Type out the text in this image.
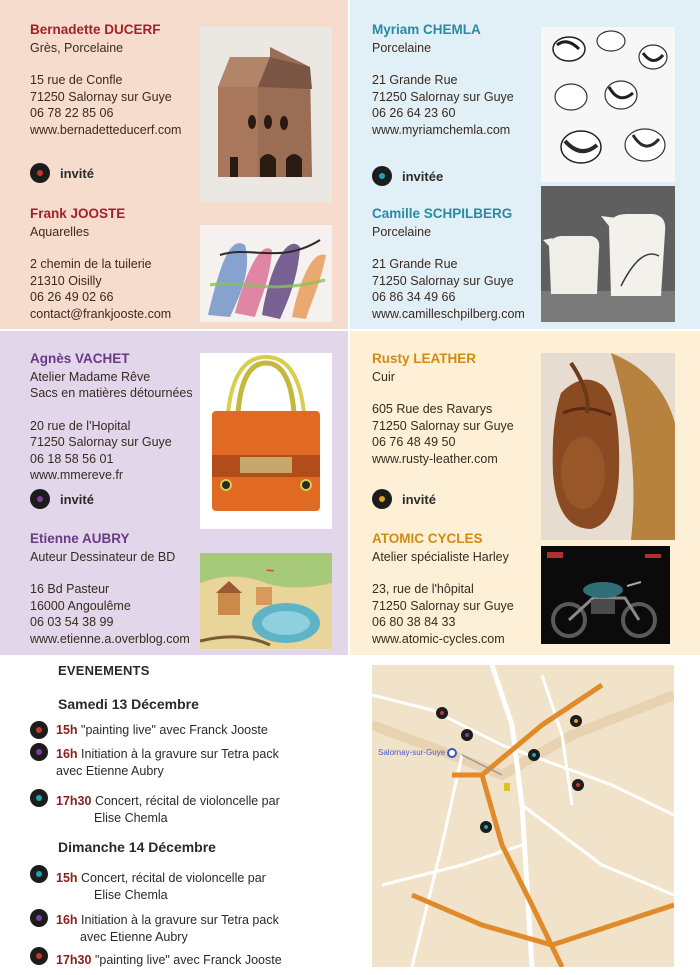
Bernadette DUCERF
Grès, Porcelaine
15 rue de Confle
71250 Salornay sur Guye
06 78 22 85 06
www.bernadetteducerf.com
invité
Frank JOOSTE
Aquarelles
2 chemin de la tuilerie
21310 Oisilly
06 26 49 02 66
contact@frankjooste.com
Myriam CHEMLA
Porcelaine
21 Grande Rue
71250 Salornay sur Guye
06 26 64 23 60
www.myriamchemla.com
invitée
Camille SCHPILBERG
Porcelaine
21 Grande Rue
71250 Salornay sur Guye
06 86 34 49 66
www.camilleschpilberg.com
Agnès VACHET
Atelier Madame Rêve
Sacs en matières détournées
20 rue de l'Hopital
71250 Salornay sur Guye
06 18 58 56 01
www.mmereve.fr
invité
Etienne AUBRY
Auteur Dessinateur de BD
16 Bd Pasteur
16000 Angoulême
06 03 54 38 99
www.etienne.a.overblog.com
~
Rusty LEATHER
Cuir
605 Rue des Ravarys
71250 Salornay sur Guye
06 76 48 49 50
www.rusty-leather.com
invité
ATOMIC CYCLES
Atelier spécialiste Harley
23, rue de l'hôpital
71250 Salornay sur Guye
06 80 38 84 33
www.atomic-cycles.com
EVENEMENTS
Samedi 13 Décembre
15h "painting live" avec Franck Jooste
16h Initiation à la gravure sur Tetra pack
avec Etienne Aubry
17h30 Concert, récital de violoncelle par
Elise Chemla
Dimanche 14 Décembre
15h Concert, récital de violoncelle par
Elise Chemla
16h Initiation à la gravure sur Tetra pack
avec Etienne Aubry
17h30 "painting live" avec Franck Jooste
Salornay-sur-Guye
